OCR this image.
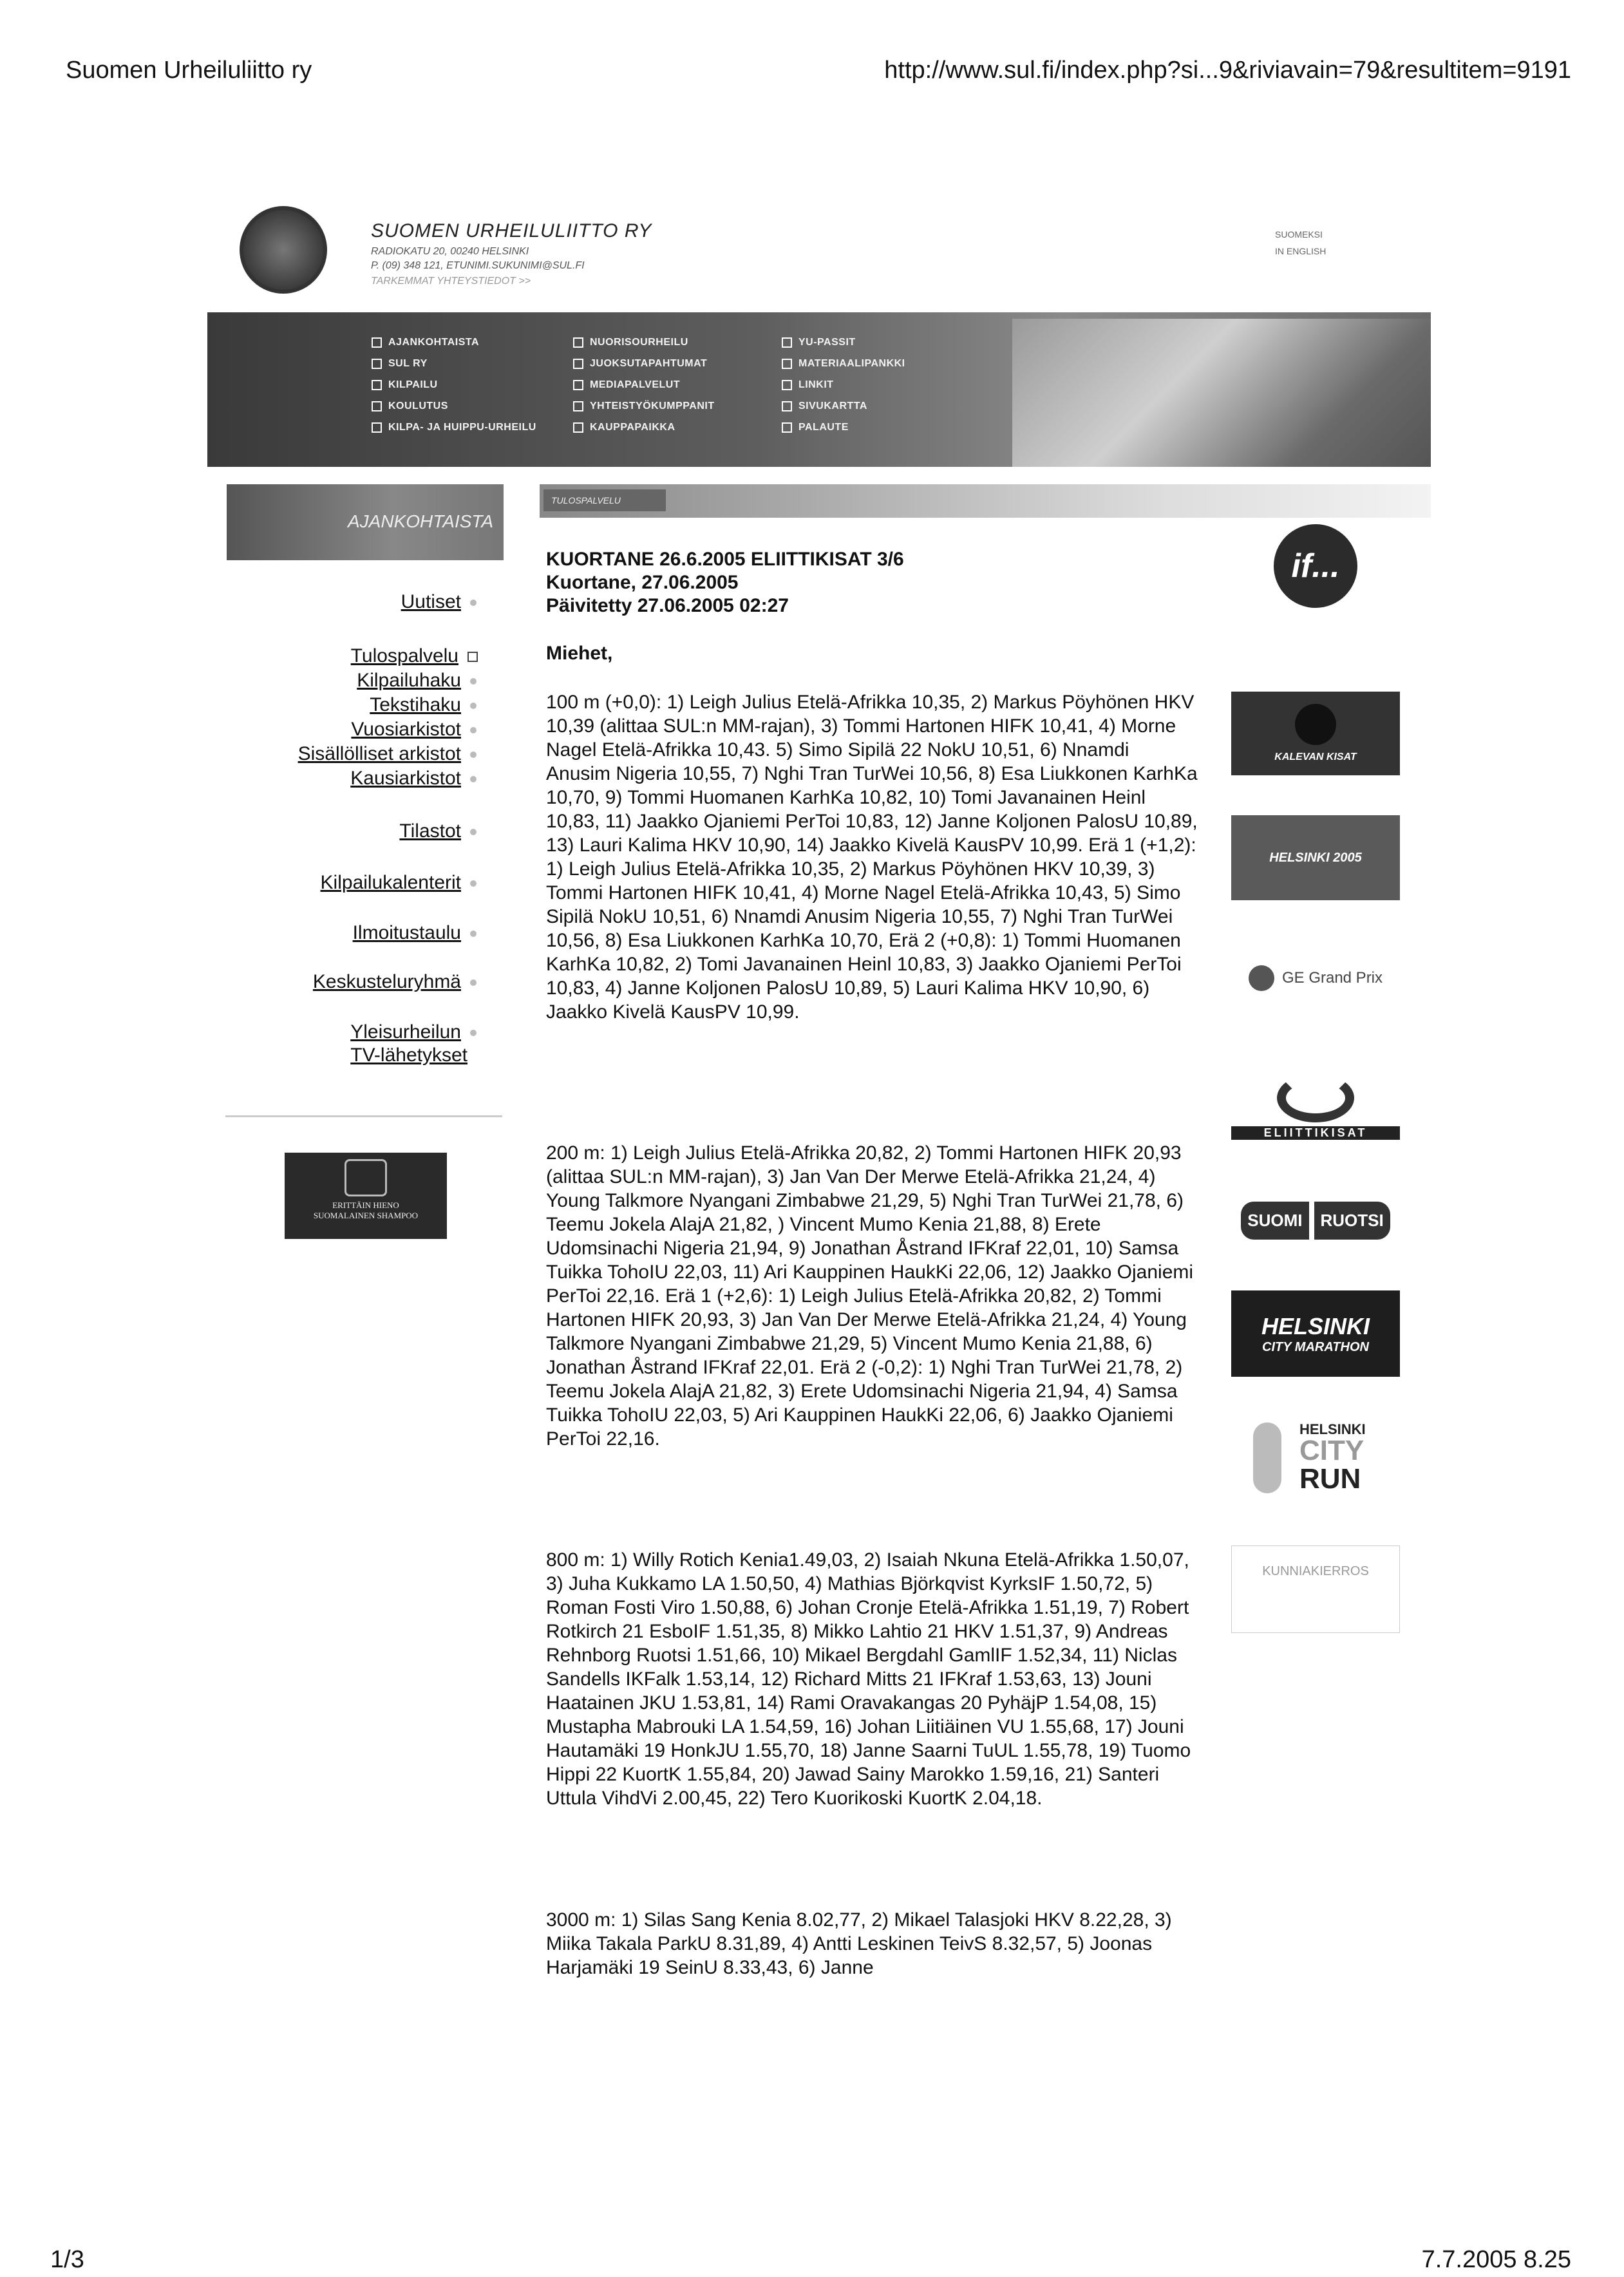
Suomen Urheiluliitto ry	http://www.sul.fi/index.php?si...9&riviavain=79&resultitem=9191
1/3	7.7.2005 8.25
SUOMEN URHEILULIITTO RY
RADIOKATU 20, 00240 HELSINKI
P. (09) 348 121, ETUNIMI.SUKUNIMI@SUL.FI
TARKEMMAT YHTEYSTIEDOT >>
SUOMEKSI
IN ENGLISH
AJANKOHTAISTA
SUL RY
KILPAILU
KOULUTUS
KILPA- JA HUIPPU-URHEILU
NUORISOURHEILU
JUOKSUTAPAHTUMAT
MEDIAPALVELUT
YHTEISTYÖKUMPPANIT
KAUPPAPAIKKA
YU-PASSIT
MATERIAALIPANKKI
LINKIT
SIVUKARTTA
PALAUTE
AJANKOHTAISTA
TULOSPALVELU
Uutiset
Tulospalvelu
Kilpailuhaku
Tekstihaku
Vuosiarkistot
Sisällölliset arkistot
Kausiarkistot
Tilastot
Kilpailukalenterit
Ilmoitustaulu
Keskusteluryhmä
Yleisurheilun
TV-lähetykset
ERITTÄIN HIENO
SUOMALAINEN SHAMPOO
KUORTANE 26.6.2005 ELIITTIKISAT 3/6
Kuortane, 27.06.2005
Päivitetty 27.06.2005 02:27
Miehet,
100 m (+0,0): 1) Leigh Julius Etelä-Afrikka 10,35, 2) Markus Pöyhönen HKV 10,39 (alittaa SUL:n MM-rajan), 3) Tommi Hartonen HIFK 10,41, 4) Morne Nagel Etelä-Afrikka 10,43. 5) Simo Sipilä 22 NokU 10,51, 6) Nnamdi Anusim Nigeria 10,55, 7) Nghi Tran TurWei 10,56, 8) Esa Liukkonen KarhKa 10,70, 9) Tommi Huomanen KarhKa 10,82, 10) Tomi Javanainen Heinl 10,83, 11) Jaakko Ojaniemi PerToi 10,83, 12) Janne Koljonen PalosU 10,89, 13) Lauri Kalima HKV 10,90, 14) Jaakko Kivelä KausPV 10,99. Erä 1 (+1,2): 1) Leigh Julius Etelä-Afrikka 10,35, 2) Markus Pöyhönen HKV 10,39, 3) Tommi Hartonen HIFK 10,41, 4) Morne Nagel Etelä-Afrikka 10,43, 5) Simo Sipilä NokU 10,51, 6) Nnamdi Anusim Nigeria 10,55, 7) Nghi Tran TurWei 10,56, 8) Esa Liukkonen KarhKa 10,70, Erä 2 (+0,8): 1) Tommi Huomanen KarhKa 10,82, 2) Tomi Javanainen Heinl 10,83, 3) Jaakko Ojaniemi PerToi 10,83, 4) Janne Koljonen PalosU 10,89, 5) Lauri Kalima HKV 10,90, 6) Jaakko Kivelä KausPV 10,99.
200 m: 1) Leigh Julius Etelä-Afrikka 20,82, 2) Tommi Hartonen HIFK 20,93 (alittaa SUL:n MM-rajan), 3) Jan Van Der Merwe Etelä-Afrikka 21,24, 4) Young Talkmore Nyangani Zimbabwe 21,29, 5) Nghi Tran TurWei 21,78, 6) Teemu Jokela AlajA 21,82, ) Vincent Mumo Kenia 21,88, 8) Erete Udomsinachi Nigeria 21,94, 9) Jonathan Åstrand IFKraf 22,01, 10) Samsa Tuikka TohoIU 22,03, 11) Ari Kauppinen HaukKi 22,06, 12) Jaakko Ojaniemi PerToi 22,16. Erä 1 (+2,6): 1) Leigh Julius Etelä-Afrikka 20,82, 2) Tommi Hartonen HIFK 20,93, 3) Jan Van Der Merwe Etelä-Afrikka 21,24, 4) Young Talkmore Nyangani Zimbabwe 21,29, 5) Vincent Mumo Kenia 21,88, 6) Jonathan Åstrand IFKraf 22,01. Erä 2 (-0,2): 1) Nghi Tran TurWei 21,78, 2) Teemu Jokela AlajA 21,82, 3) Erete Udomsinachi Nigeria 21,94, 4) Samsa Tuikka TohoIU 22,03, 5) Ari Kauppinen HaukKi 22,06, 6) Jaakko Ojaniemi PerToi 22,16.
800 m: 1) Willy Rotich Kenia1.49,03, 2) Isaiah Nkuna Etelä-Afrikka 1.50,07, 3) Juha Kukkamo LA 1.50,50, 4) Mathias Björkqvist KyrksIF 1.50,72, 5) Roman Fosti Viro 1.50,88, 6) Johan Cronje Etelä-Afrikka 1.51,19, 7) Robert Rotkirch 21 EsboIF 1.51,35, 8) Mikko Lahtio 21 HKV 1.51,37, 9) Andreas Rehnborg Ruotsi 1.51,66, 10) Mikael Bergdahl GamlIF 1.52,34, 11) Niclas Sandells IKFalk 1.53,14, 12) Richard Mitts 21 IFKraf 1.53,63, 13) Jouni Haatainen JKU 1.53,81, 14) Rami Oravakangas 20 PyhäjP 1.54,08, 15) Mustapha Mabrouki LA 1.54,59, 16) Johan Liitiäinen VU 1.55,68, 17) Jouni Hautamäki 19 HonkJU 1.55,70, 18) Janne Saarni TuUL 1.55,78, 19) Tuomo Hippi 22 KuortK 1.55,84, 20) Jawad Sainy Marokko 1.59,16, 21) Santeri Uttula VihdVi 2.00,45, 22) Tero Kuorikoski KuortK 2.04,18.
3000 m: 1) Silas Sang Kenia 8.02,77, 2) Mikael Talasjoki HKV 8.22,28, 3) Miika Takala ParkU 8.31,89, 4) Antti Leskinen TeivS 8.32,57, 5) Joonas Harjamäki 19 SeinU 8.33,43, 6) Janne
if...
KALEVAN KISAT
HELSINKI 2005
GE Grand Prix
ELIITTIKISAT
SUOMI	RUOTSI
HELSINKI
CITY MARATHON
HELSINKI
CITY
RUN
KUNNIAKIERROS
